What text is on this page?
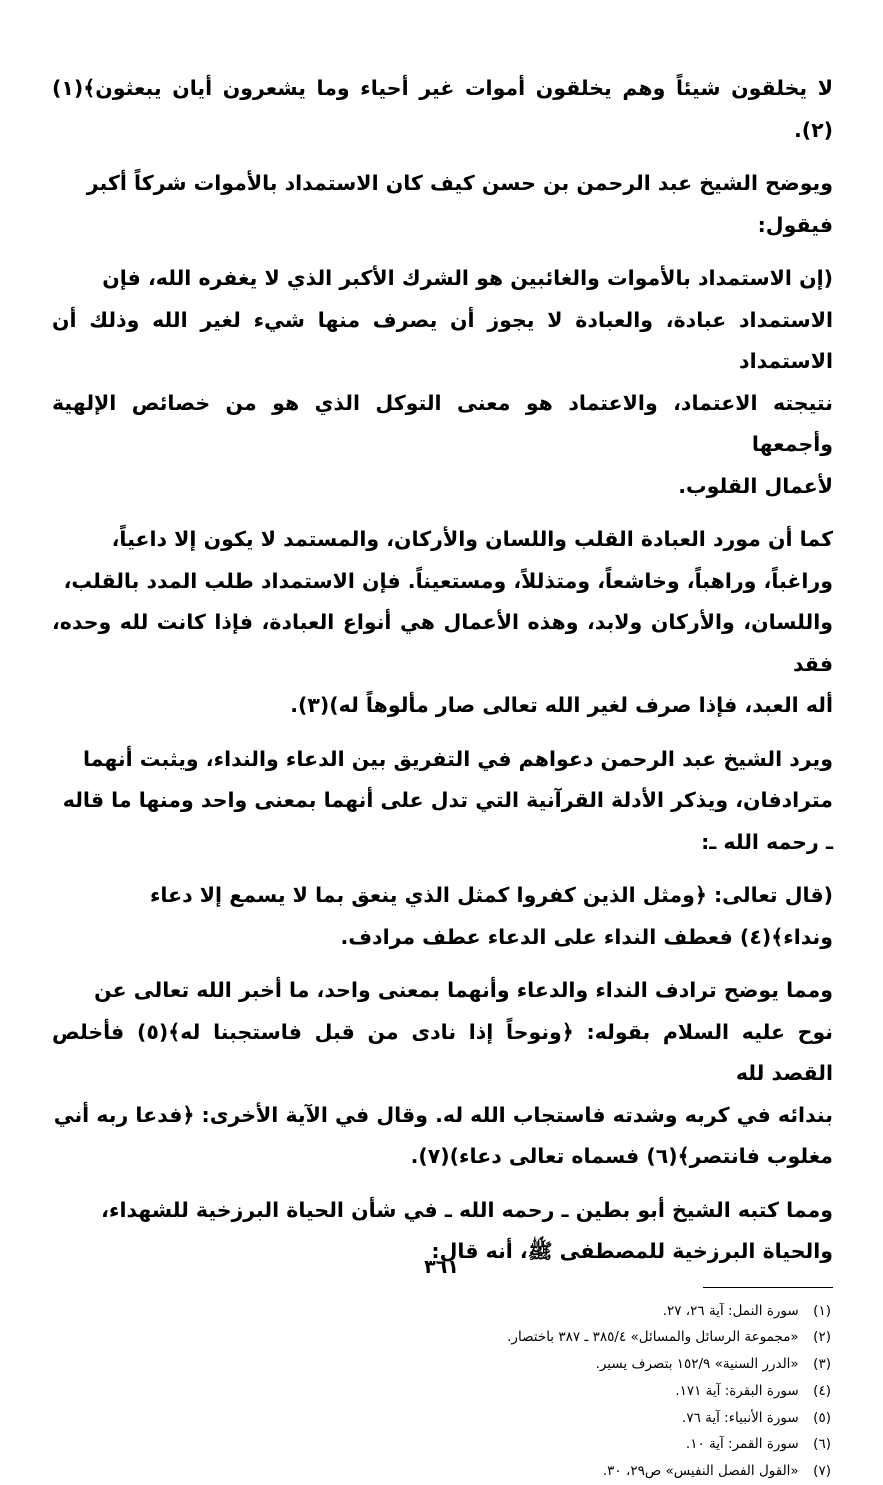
لا يخلقون شيئاً وهم يخلقون أموات غير أحياء وما يشعرون أيان يبعثون﴾(١)(٢).
ويوضح الشيخ عبد الرحمن بن حسن كيف كان الاستمداد بالأموات شركاً أكبر
فيقول:
(إن الاستمداد بالأموات والغائبين هو الشرك الأكبر الذي لا يغفره الله، فإن
الاستمداد عبادة، والعبادة لا يجوز أن يصرف منها شيء لغير الله وذلك أن الاستمداد
نتيجته الاعتماد، والاعتماد هو معنى التوكل الذي هو من خصائص الإلهية وأجمعها
لأعمال القلوب.
كما أن مورد العبادة القلب واللسان والأركان، والمستمد لا يكون إلا داعياً،
وراغباً، وراهباً، وخاشعاً، ومتذللاً، ومستعيناً. فإن الاستمداد طلب المدد بالقلب،
واللسان، والأركان ولابد، وهذه الأعمال هي أنواع العبادة، فإذا كانت لله وحده، فقد
أله العبد، فإذا صرف لغير الله تعالى صار مألوهاً له)(٣).
ويرد الشيخ عبد الرحمن دعواهم في التفريق بين الدعاء والنداء، ويثبت أنهما
مترادفان، ويذكر الأدلة القرآنية التي تدل على أنهما بمعنى واحد ومنها ما قاله
ـ رحمه الله ـ:
(قال تعالى: ﴿ومثل الذين كفروا كمثل الذي ينعق بما لا يسمع إلا دعاء
ونداء﴾(٤) فعطف النداء على الدعاء عطف مرادف.
ومما يوضح ترادف النداء والدعاء وأنهما بمعنى واحد، ما أخبر الله تعالى عن
نوح عليه السلام بقوله: ﴿ونوحاً إذا نادى من قبل فاستجبنا له﴾(٥) فأخلص القصد لله
بندائه في كربه وشدته فاستجاب الله له. وقال في الآية الأخرى: ﴿فدعا ربه أني
مغلوب فانتصر﴾(٦) فسماه تعالى دعاء)(٧).
ومما كتبه الشيخ أبو بطين ـ رحمه الله ـ في شأن الحياة البرزخية للشهداء،
والحياة البرزخية للمصطفى ﷺ، أنه قال:

(١) سورة النمل: آية ٢٦، ٢٧.

(٢) «مجموعة الرسائل والمسائل» ٣٨٥/٤ ـ ٣٨٧ باختصار.

(٣) «الدرر السنية» ١٥٢/٩ بتصرف يسير.

(٤) سورة البقرة: آية ١٧١.

(٥) سورة الأنبياء: آية ٧٦.

(٦) سورة القمر: آية ١٠.

(٧) «القول الفصل النفيس» ص٢٩، ٣٠.

٣٦١
